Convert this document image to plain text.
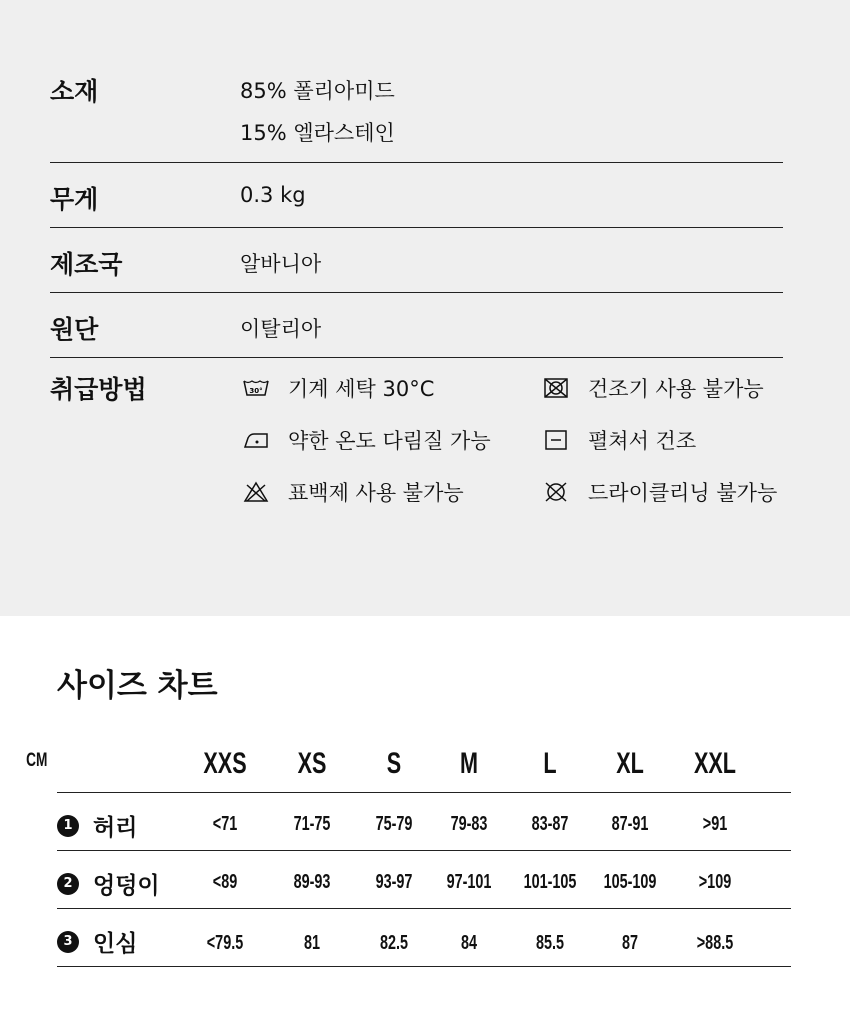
소재	85% 폴리아미드
15% 엘라스테인
무게	0.3 kg
제조국	알바니아
원단	이탈리아
취급방법	30° 기계 세탁 30°C	건조기 사용 불가능
약한 온도 다림질 가능	펼쳐서 건조
표백제 사용 불가능	드라이클리닝 불가능
사이즈 차트
CM	XXS	XS	S	M	L	XL	XXL
1 허리	<71	71-75	75-79	79-83	83-87	87-91	>91
2 엉덩이	<89	89-93	93-97	97-101	101-105 105-109	>109
3 인심	<79.5	81	82.5	84	85.5	87	>88.5
